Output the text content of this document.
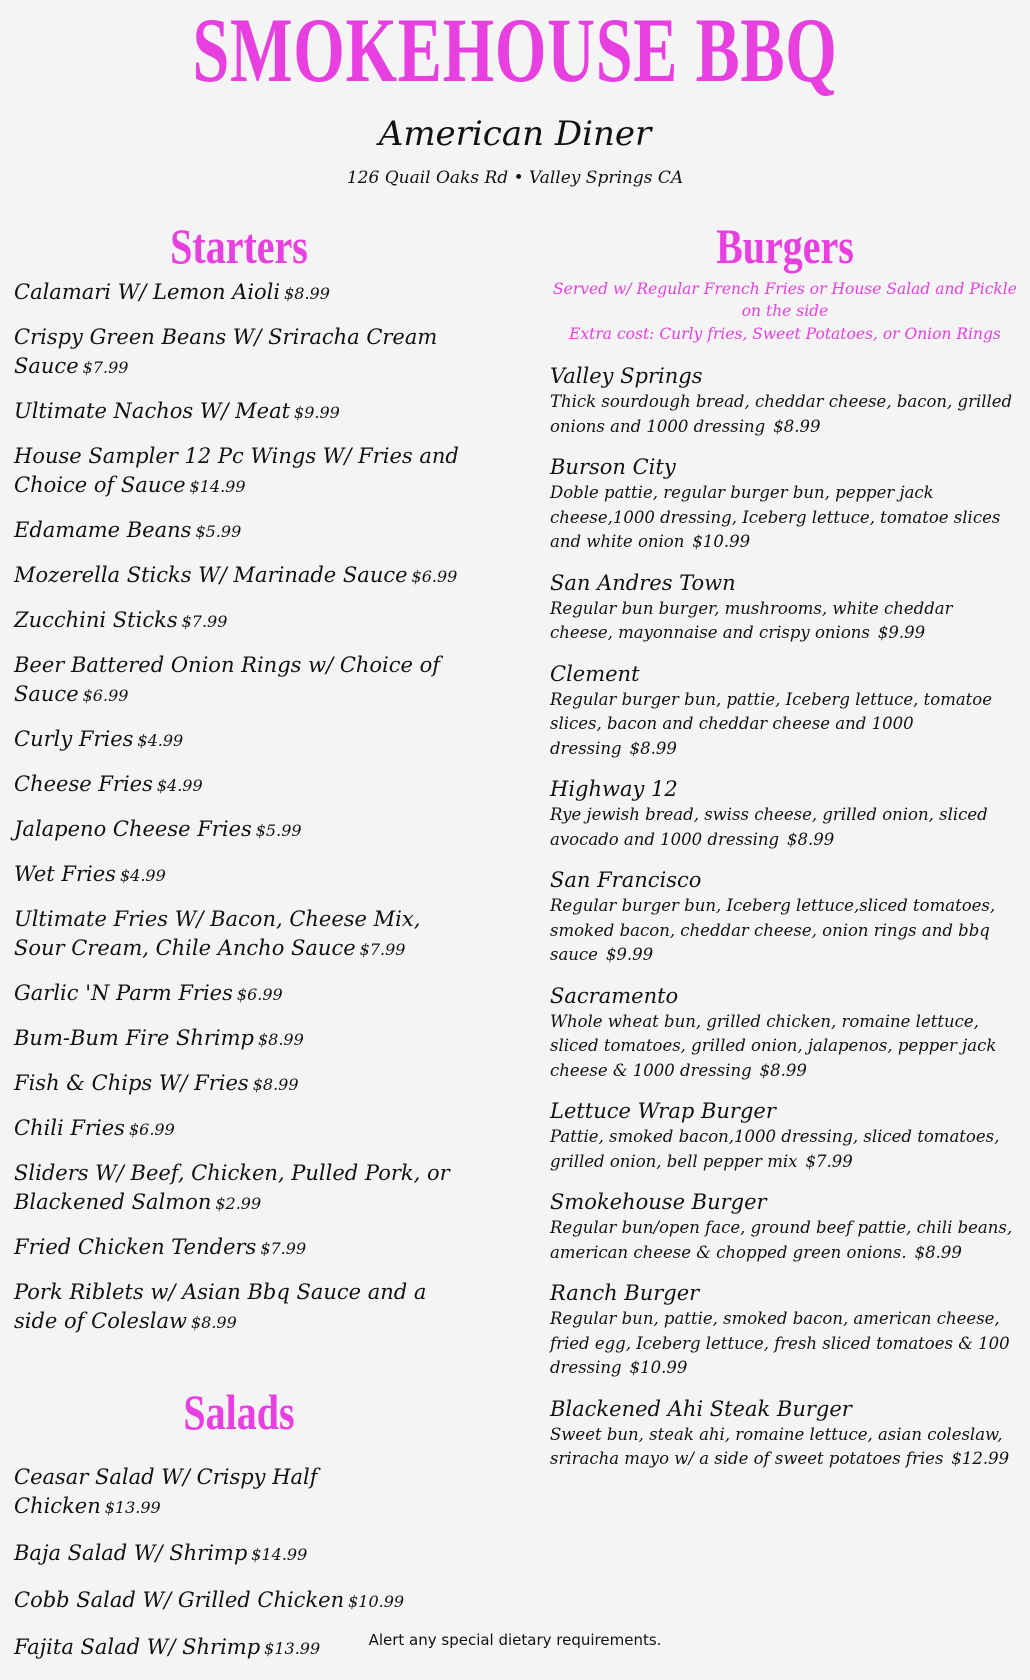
SMOKEHOUSE BBQ
American Diner
126 Quail Oaks Rd • Valley Springs CA
Starters
Calamari W/ Lemon Aioli $8.99
Crispy Green Beans W/ Sriracha Cream Sauce $7.99
Ultimate Nachos W/ Meat $9.99
House Sampler 12 Pc Wings W/ Fries and Choice of Sauce $14.99
Edamame Beans $5.99
Mozerella Sticks W/ Marinade Sauce $6.99
Zucchini Sticks $7.99
Beer Battered Onion Rings w/ Choice of Sauce $6.99
Curly Fries $4.99
Cheese Fries $4.99
Jalapeno Cheese Fries $5.99
Wet Fries $4.99
Ultimate Fries W/ Bacon, Cheese Mix, Sour Cream, Chile Ancho Sauce $7.99
Garlic 'N Parm Fries $6.99
Bum-Bum Fire Shrimp $8.99
Fish & Chips W/ Fries $8.99
Chili Fries $6.99
Sliders W/ Beef, Chicken, Pulled Pork, or Blackened Salmon $2.99
Fried Chicken Tenders $7.99
Pork Riblets w/ Asian Bbq Sauce and a side of Coleslaw $8.99
Salads
Ceasar Salad W/ Crispy Half Chicken $13.99
Baja Salad W/ Shrimp $14.99
Cobb Salad W/ Grilled Chicken $10.99
Fajita Salad W/ Shrimp $13.99
Burgers
Served w/ Regular French Fries or House Salad and Pickle on the side
Extra cost: Curly fries, Sweet Potatoes, or Onion Rings
Valley Springs
Thick sourdough bread, cheddar cheese, bacon, grilled onions and 1000 dressing $8.99
Burson City
Doble pattie, regular burger bun, pepper jack cheese,1000 dressing, Iceberg lettuce, tomatoe slices and white onion $10.99
San Andres Town
Regular bun burger, mushrooms, white cheddar cheese, mayonnaise and crispy onions $9.99
Clement
Regular burger bun, pattie, Iceberg lettuce, tomatoe slices, bacon and cheddar cheese and 1000 dressing $8.99
Highway 12
Rye jewish bread, swiss cheese, grilled onion, sliced avocado and 1000 dressing $8.99
San Francisco
Regular burger bun, Iceberg lettuce,sliced tomatoes, smoked bacon, cheddar cheese, onion rings and bbq sauce $9.99
Sacramento
Whole wheat bun, grilled chicken, romaine lettuce, sliced tomatoes, grilled onion, jalapenos, pepper jack cheese & 1000 dressing $8.99
Lettuce Wrap Burger
Pattie, smoked bacon,1000 dressing, sliced tomatoes, grilled onion, bell pepper mix $7.99
Smokehouse Burger
Regular bun/open face, ground beef pattie, chili beans, american cheese & chopped green onions. $8.99
Ranch Burger
Regular bun, pattie, smoked bacon, american cheese, fried egg, Iceberg lettuce, fresh sliced tomatoes & 100 dressing $10.99
Blackened Ahi Steak Burger
Sweet bun, steak ahi, romaine lettuce, asian coleslaw, sriracha mayo w/ a side of sweet potatoes fries $12.99
Alert any special dietary requirements.
